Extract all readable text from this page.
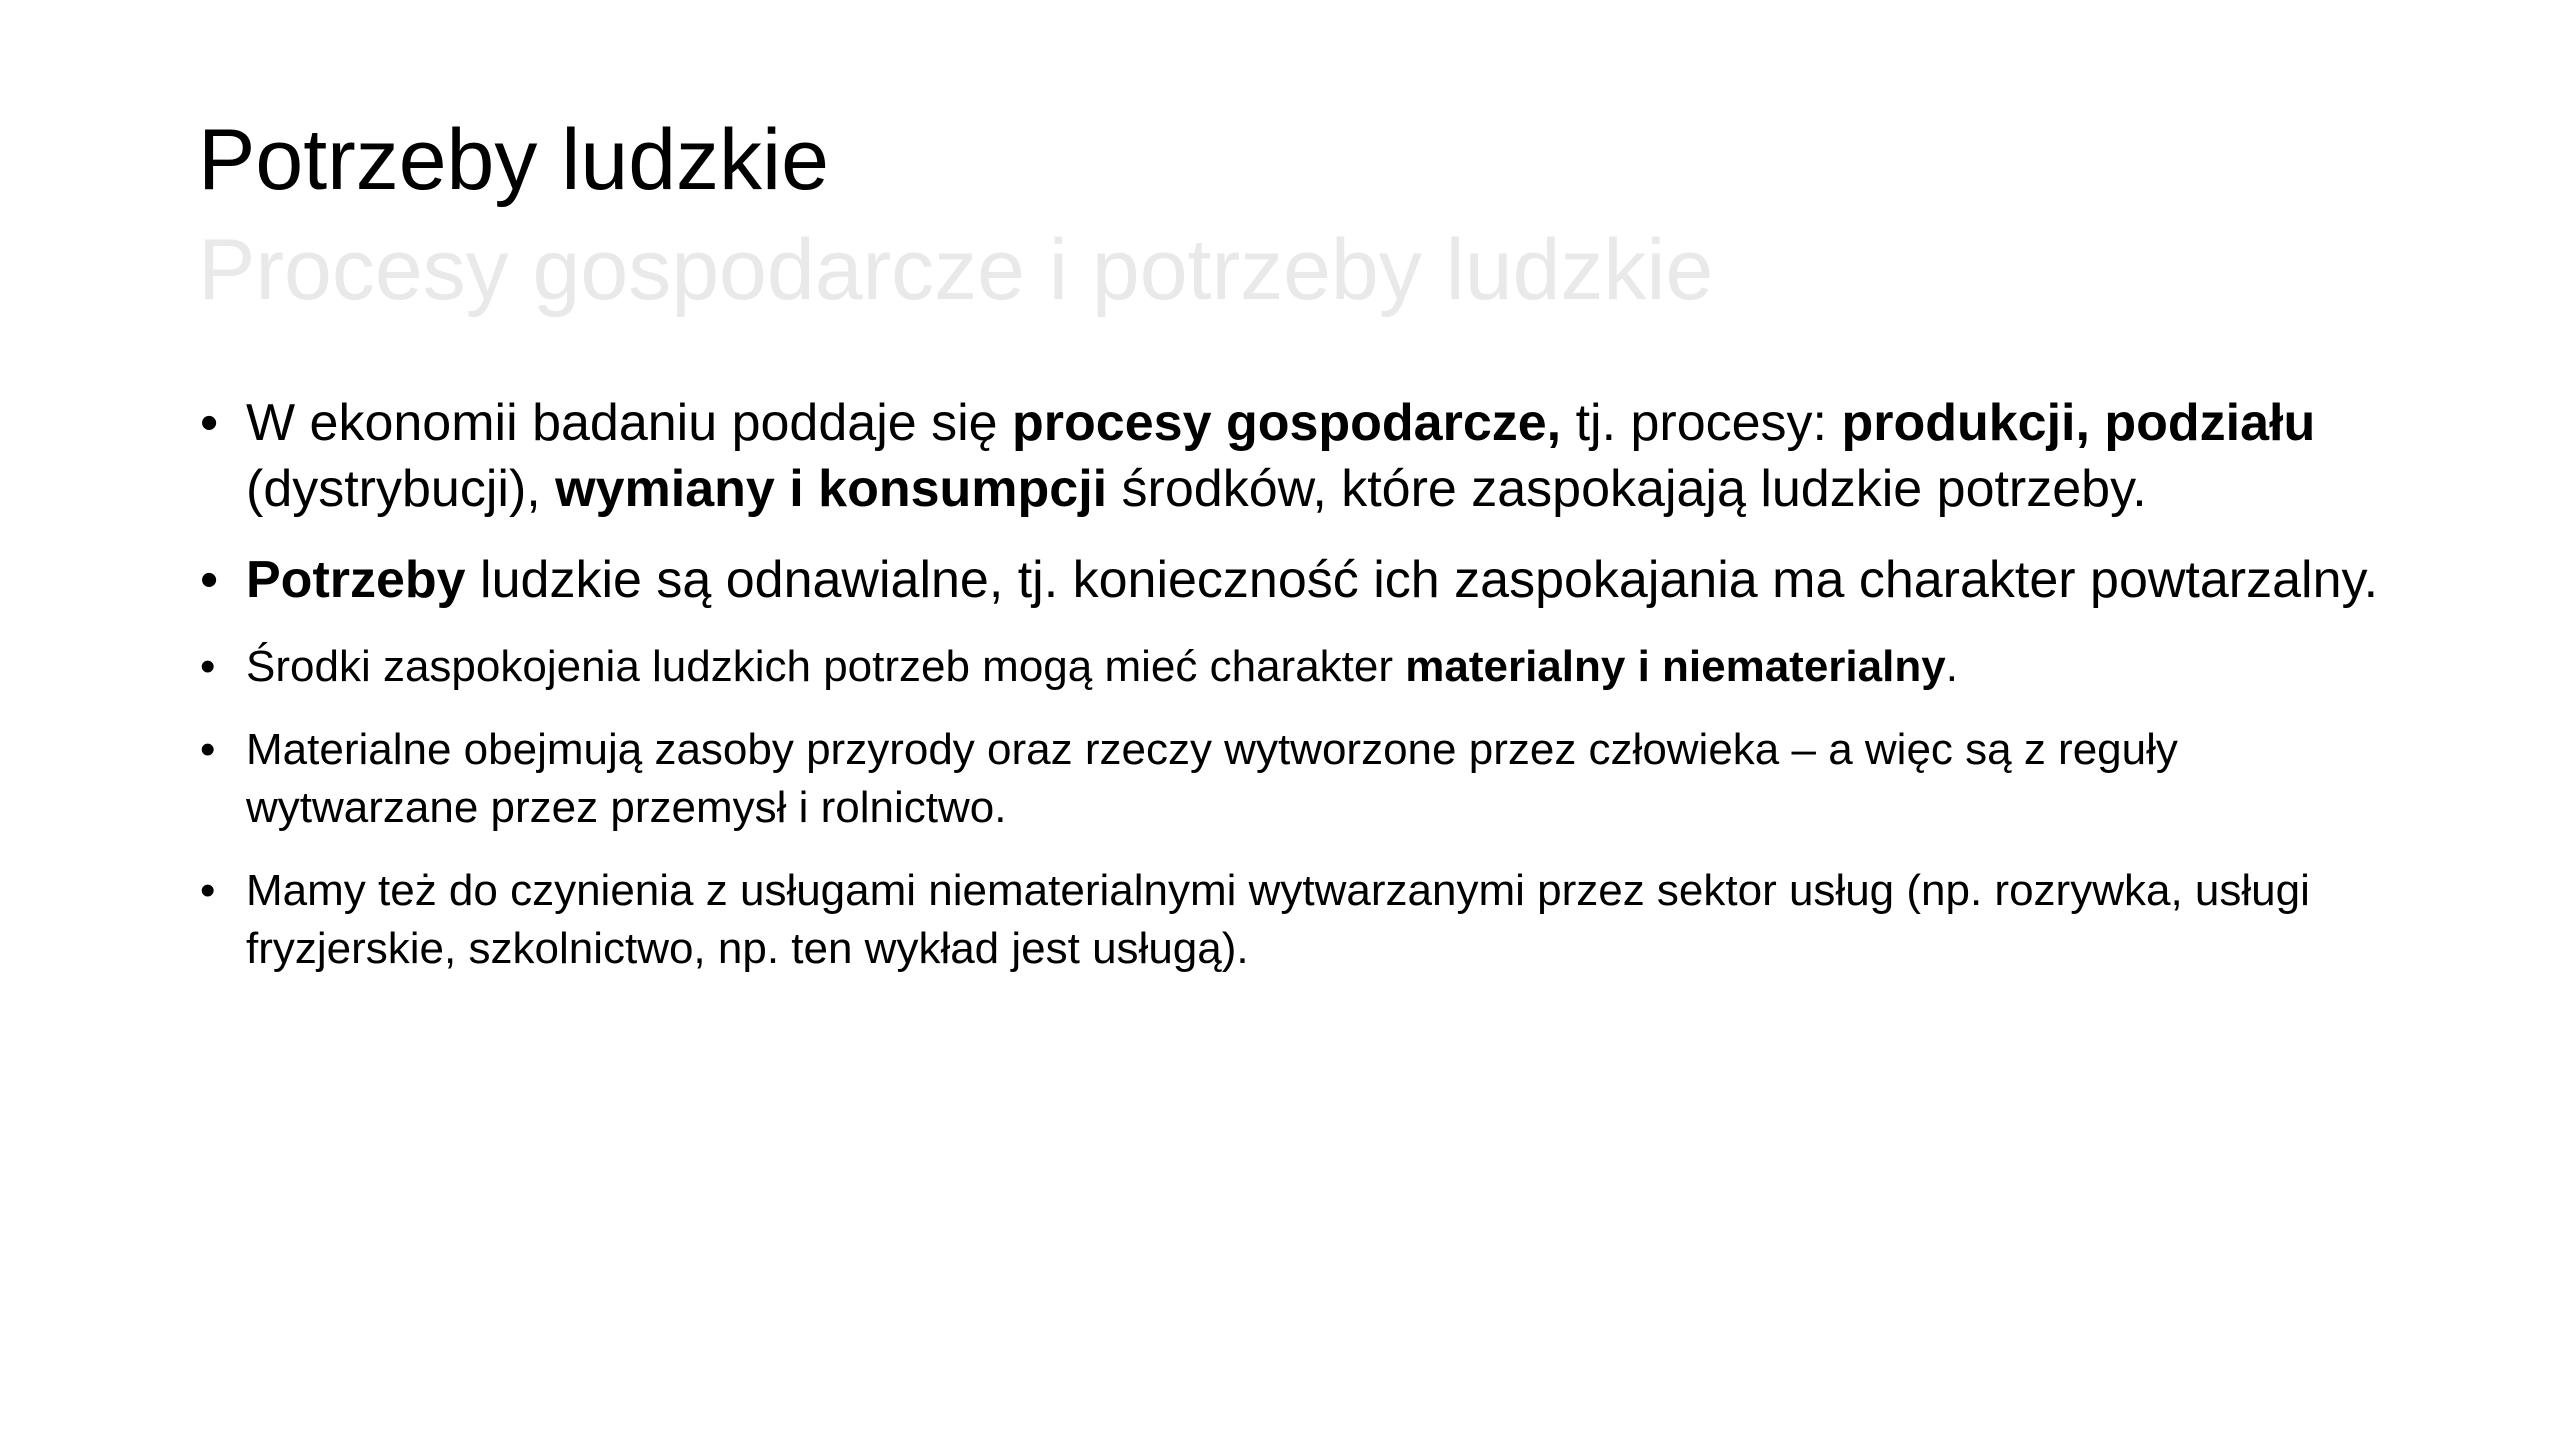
Potrzeby ludzkie
Procesy gospodarcze i potrzeby ludzkie
• W ekonomii badaniu poddaje się procesy gospodarcze, tj. procesy: produkcji, podziału (dystrybucji), wymiany i konsumpcji środków, które zaspokajają ludzkie potrzeby.
• Potrzeby ludzkie są odnawialne, tj. konieczność ich zaspokajania ma charakter powtarzalny.
• Środki zaspokojenia ludzkich potrzeb mogą mieć charakter materialny i niematerialny.
• Materialne obejmują zasoby przyrody oraz rzeczy wytworzone przez człowieka – a więc są z reguły wytwarzane przez przemysł i rolnictwo.
• Mamy też do czynienia z usługami niematerialnymi wytwarzanymi przez sektor usług (np. rozrywka, usługi fryzjerskie, szkolnictwo, np. ten wykład jest usługą).
